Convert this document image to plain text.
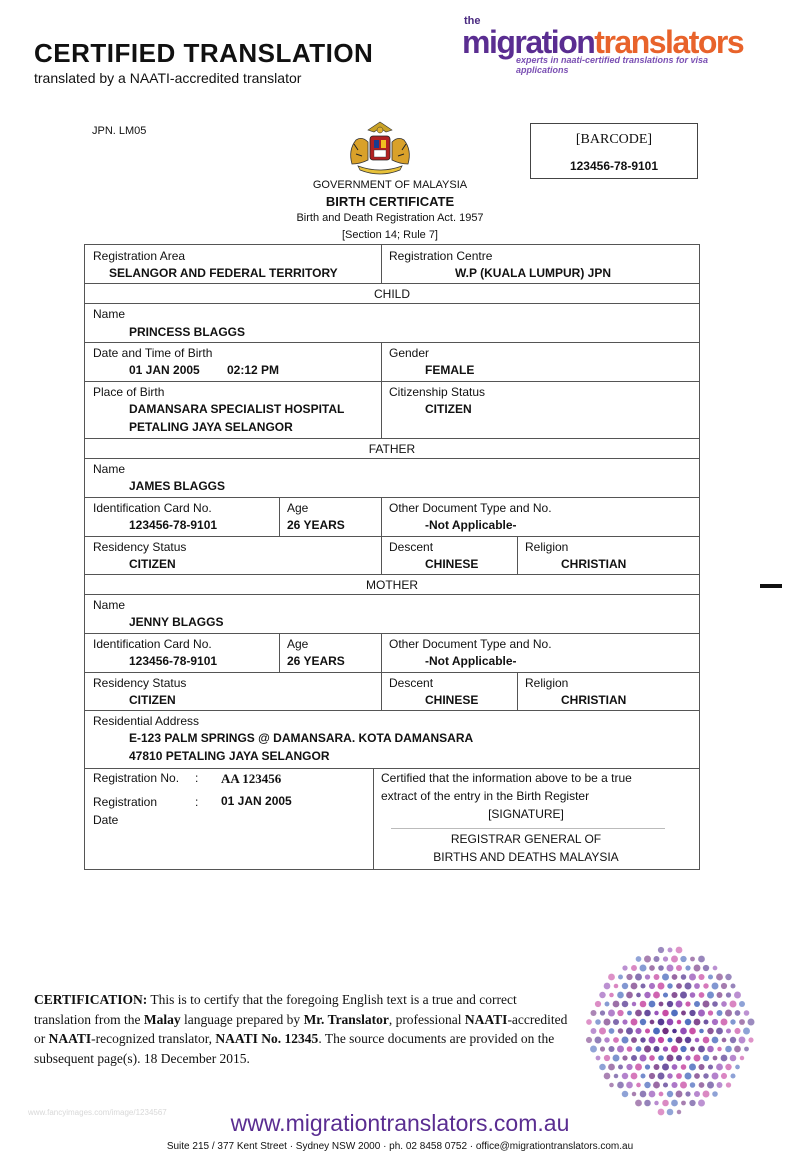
CERTIFIED TRANSLATION
translated by a NAATI-accredited translator
the
migrationtranslators
experts in naati-certified translations for visa applications
JPN. LM05
[BARCODE]
123456-78-9101
GOVERNMENT OF MALAYSIA
BIRTH CERTIFICATE
Birth and Death Registration Act. 1957
[Section 14; Rule 7]
Registration Area
SELANGOR AND FEDERAL TERRITORY
Registration Centre
W.P (KUALA LUMPUR) JPN
CHILD
Name
PRINCESS BLAGGS
Date and Time of Birth
01 JAN 2005 02:12 PM
Gender
FEMALE
Place of Birth
DAMANSARA SPECIALIST HOSPITAL
PETALING JAYA SELANGOR
Citizenship Status
CITIZEN
FATHER
Name
JAMES BLAGGS
Identification Card No.
123456-78-9101
Age
26 YEARS
Other Document Type and No.
-Not Applicable-
Residency Status
CITIZEN
Descent
CHINESE
Religion
CHRISTIAN
MOTHER
Name
JENNY BLAGGS
Identification Card No.
123456-78-9101
Age
26 YEARS
Other Document Type and No.
-Not Applicable-
Residency Status
CITIZEN
Descent
CHINESE
Religion
CHRISTIAN
Residential Address
E-123 PALM SPRINGS @ DAMANSARA. KOTA DAMANSARA
47810 PETALING JAYA SELANGOR
Registration No. : AA 123456
Registration
Date
: 01 JAN 2005
Certified that the information above to be a true
extract of the entry in the Birth Register
[SIGNATURE]
REGISTRAR GENERAL OF
BIRTHS AND DEATHS MALAYSIA

CERTIFICATION: This is to certify that the foregoing English text is a true and correct translation from the Malay language prepared by Mr. Translator, professional NAATI-accredited or NAATI-recognized translator, NAATI No. 12345. The source documents are provided on the subsequent page(s). 18 December 2015.

www.fancyimages.com/image/1234567	www.migrationtranslators.com.au
Suite 215 / 377 Kent Street · Sydney NSW 2000 · ph. 02 8458 0752 · office@migrationtranslators.com.au
